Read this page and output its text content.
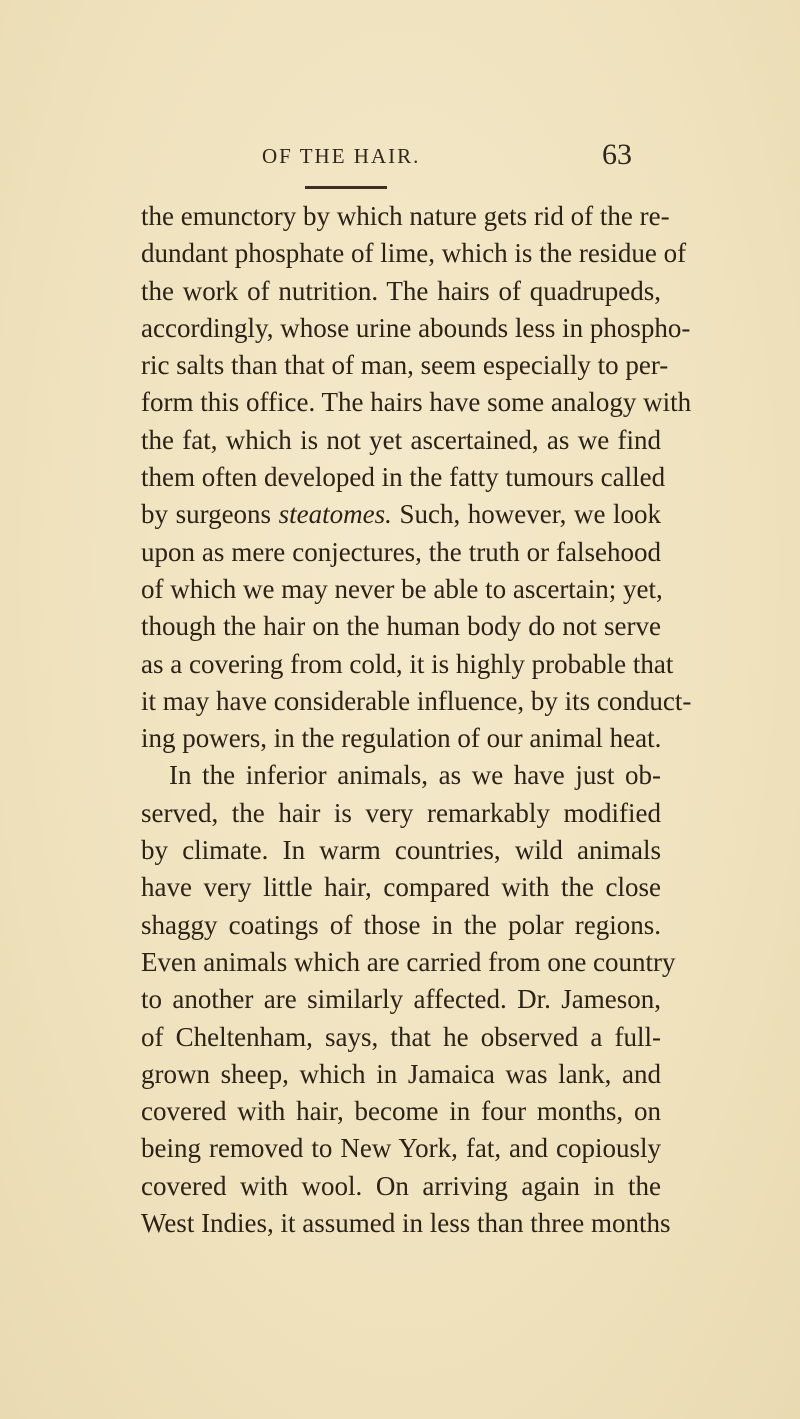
OF THE HAIR.	63
the emunctory by which nature gets rid of the re-
dundant phosphate of lime, which is the residue of
the work of nutrition. The hairs of quadrupeds,
accordingly, whose urine abounds less in phospho-
ric salts than that of man, seem especially to per-
form this office. The hairs have some analogy with
the fat, which is not yet ascertained, as we find
them often developed in the fatty tumours called
by surgeons steatomes. Such, however, we look
upon as mere conjectures, the truth or falsehood
of which we may never be able to ascertain; yet,
though the hair on the human body do not serve
as a covering from cold, it is highly probable that
it may have considerable influence, by its conduct-
ing powers, in the regulation of our animal heat.
In the inferior animals, as we have just ob-
served, the hair is very remarkably modified
by climate. In warm countries, wild animals
have very little hair, compared with the close
shaggy coatings of those in the polar regions.
Even animals which are carried from one country
to another are similarly affected. Dr. Jameson,
of Cheltenham, says, that he observed a full-
grown sheep, which in Jamaica was lank, and
covered with hair, become in four months, on
being removed to New York, fat, and copiously
covered with wool. On arriving again in the
West Indies, it assumed in less than three months
